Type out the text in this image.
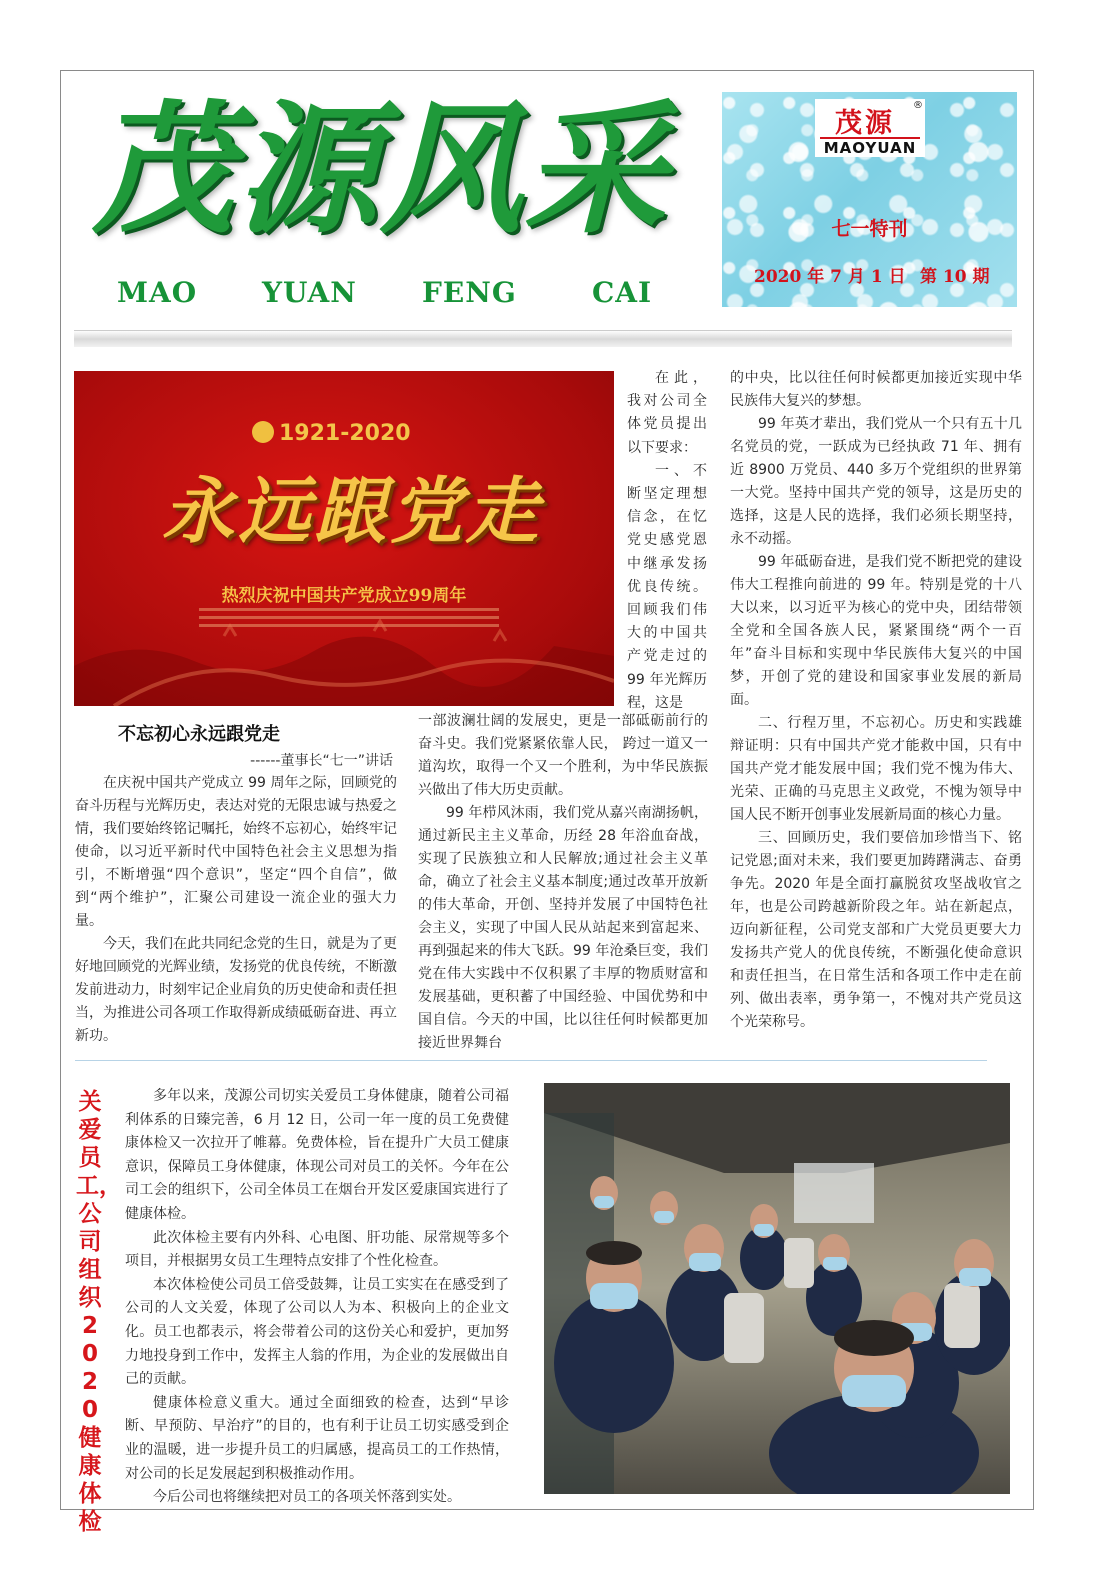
茂源风采
MAO YUAN FENG	CAI
茂源
®
MAOYUAN
七一特刊
2020 年 7 月 1 日 第 10 期
1921-2020
永远跟党走
热烈庆祝中国共产党成立99周年
不忘初心永远跟党走
------董事长“七一”讲话

在庆祝中国共产党成立 99 周年之际，回顾党的奋斗历程与光辉历史，表达对党的无限忠诚与热爱之情，我们要始终铭记嘱托，始终不忘初心，始终牢记使命，以习近平新时代中国特色社会主义思想为指引，不断增强“四个意识”，坚定“四个自信”，做到“两个维护”，汇聚公司建设一流企业的强大力量。

今天，我们在此共同纪念党的生日，就是为了更好地回顾党的光辉业绩，发扬党的优良传统，不断激发前进动力，时刻牢记企业肩负的历史使命和责任担当，为推进公司各项工作取得新成绩砥砺奋进、再立新功。

在此，我对公司全体党员提出以下要求：

一、不断坚定理想信念，在忆党史感党恩中继承发扬优良传统。回顾我们伟大的中国共产党走过的 99 年光辉历程，这是

一部波澜壮阔的发展史，更是一部砥砺前行的奋斗史。我们党紧紧依靠人民， 跨过一道又一道沟坎，取得一个又一个胜利，为中华民族振兴做出了伟大历史贡献。

99 年栉风沐雨，我们党从嘉兴南湖扬帆，通过新民主主义革命，历经 28 年浴血奋战，实现了民族独立和人民解放;通过社会主义革命，确立了社会主义基本制度;通过改革开放新的伟大革命，开创、坚持并发展了中国特色社会主义，实现了中国人民从站起来到富起来、再到强起来的伟大飞跃。99 年沧桑巨变，我们党在伟大实践中不仅积累了丰厚的物质财富和发展基础，更积蓄了中国经验、中国优势和中国自信。今天的中国，比以往任何时候都更加接近世界舞台

的中央，比以往任何时候都更加接近实现中华民族伟大复兴的梦想。

99 年英才辈出，我们党从一个只有五十几名党员的党，一跃成为已经执政 71 年、拥有近 8900 万党员、440 多万个党组织的世界第一大党。坚持中国共产党的领导，这是历史的选择，这是人民的选择，我们必须长期坚持，永不动摇。

99 年砥砺奋进，是我们党不断把党的建设伟大工程推向前进的 99 年。特别是党的十八大以来，以习近平为核心的党中央，团结带领全党和全国各族人民，紧紧围绕“两个一百年”奋斗目标和实现中华民族伟大复兴的中国梦，开创了党的建设和国家事业发展的新局面。

二、行程万里，不忘初心。历史和实践雄辩证明：只有中国共产党才能救中国，只有中国共产党才能发展中国；我们党不愧为伟大、光荣、正确的马克思主义政党，不愧为领导中国人民不断开创事业发展新局面的核心力量。

三、回顾历史，我们要倍加珍惜当下、铭记党恩;面对未来，我们要更加踌躇满志、奋勇争先。2020 年是全面打赢脱贫攻坚战收官之年，也是公司跨越新阶段之年。站在新起点，迈向新征程，公司党支部和广大党员更要大力发扬共产党人的优良传统，不断强化使命意识和责任担当，在日常生活和各项工作中走在前列、做出表率，勇争第一，不愧对共产党员这个光荣称号。

关爱员工，公司组织2020健康体检

多年以来，茂源公司切实关爱员工身体健康，随着公司福利体系的日臻完善，6 月 12 日，公司一年一度的员工免费健康体检又一次拉开了帷幕。免费体检，旨在提升广大员工健康意识，保障员工身体健康，体现公司对员工的关怀。今年在公司工会的组织下，公司全体员工在烟台开发区爱康国宾进行了健康体检。

此次体检主要有内外科、心电图、肝功能、尿常规等多个项目，并根据男女员工生理特点安排了个性化检查。

本次体检使公司员工倍受鼓舞，让员工实实在在感受到了公司的人文关爱，体现了公司以人为本、积极向上的企业文化。员工也都表示，将会带着公司的这份关心和爱护，更加努力地投身到工作中，发挥主人翁的作用，为企业的发展做出自己的贡献。

健康体检意义重大。通过全面细致的检查，达到“早诊断、早预防、早治疗”的目的，也有利于让员工切实感受到企业的温暖，进一步提升员工的归属感，提高员工的工作热情，对公司的长足发展起到积极推动作用。

今后公司也将继续把对员工的各项关怀落到实处。
